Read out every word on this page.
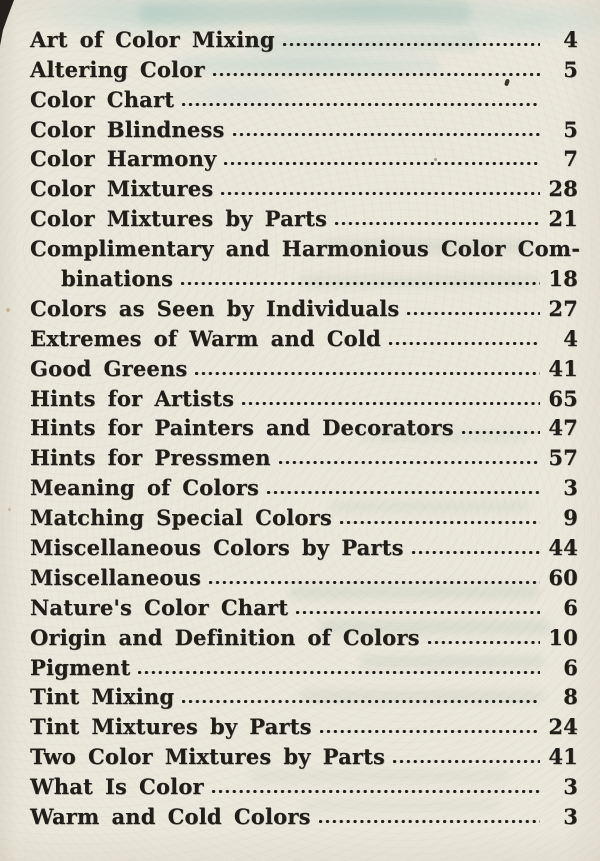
Art of Color Mixing	4
Altering Color	5
Color Chart
Color Blindness	5
Color Harmony	7
Color Mixtures	28
Color Mixtures by Parts	21
Complimentary and Harmonious Color Com-
binations	18
Colors as Seen by Individuals	27
Extremes of Warm and Cold	4
Good Greens	41
Hints for Artists	65
Hints for Painters and Decorators	47
Hints for Pressmen	57
Meaning of Colors	3
Matching Special Colors	9
Miscellaneous Colors by Parts	44
Miscellaneous	60
Nature's Color Chart	6
Origin and Definition of Colors	10
Pigment	6
Tint Mixing	8
Tint Mixtures by Parts	24
Two Color Mixtures by Parts	41
What Is Color	3
Warm and Cold Colors	3
